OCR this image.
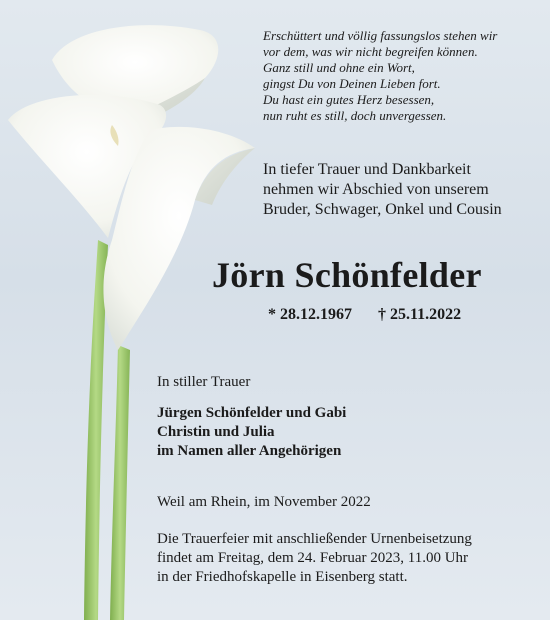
Erschüttert und völlig fassungslos stehen wir
vor dem, was wir nicht begreifen können.
Ganz still und ohne ein Wort,
gingst Du von Deinen Lieben fort.
Du hast ein gutes Herz besessen,
nun ruht es still, doch unvergessen.

In tiefer Trauer und Dankbarkeit
nehmen wir Abschied von unserem
Bruder, Schwager, Onkel und Cousin

Jörn Schönfelder
* 28.12.1967 † 25.11.2022
In stiller Trauer

Jürgen Schönfelder und Gabi
Christin und Julia
im Namen aller Angehörigen

Weil am Rhein, im November 2022

Die Trauerfeier mit anschließender Urnenbeisetzung
findet am Freitag, dem 24. Februar 2023, 11.00 Uhr
in der Friedhofskapelle in Eisenberg statt.
